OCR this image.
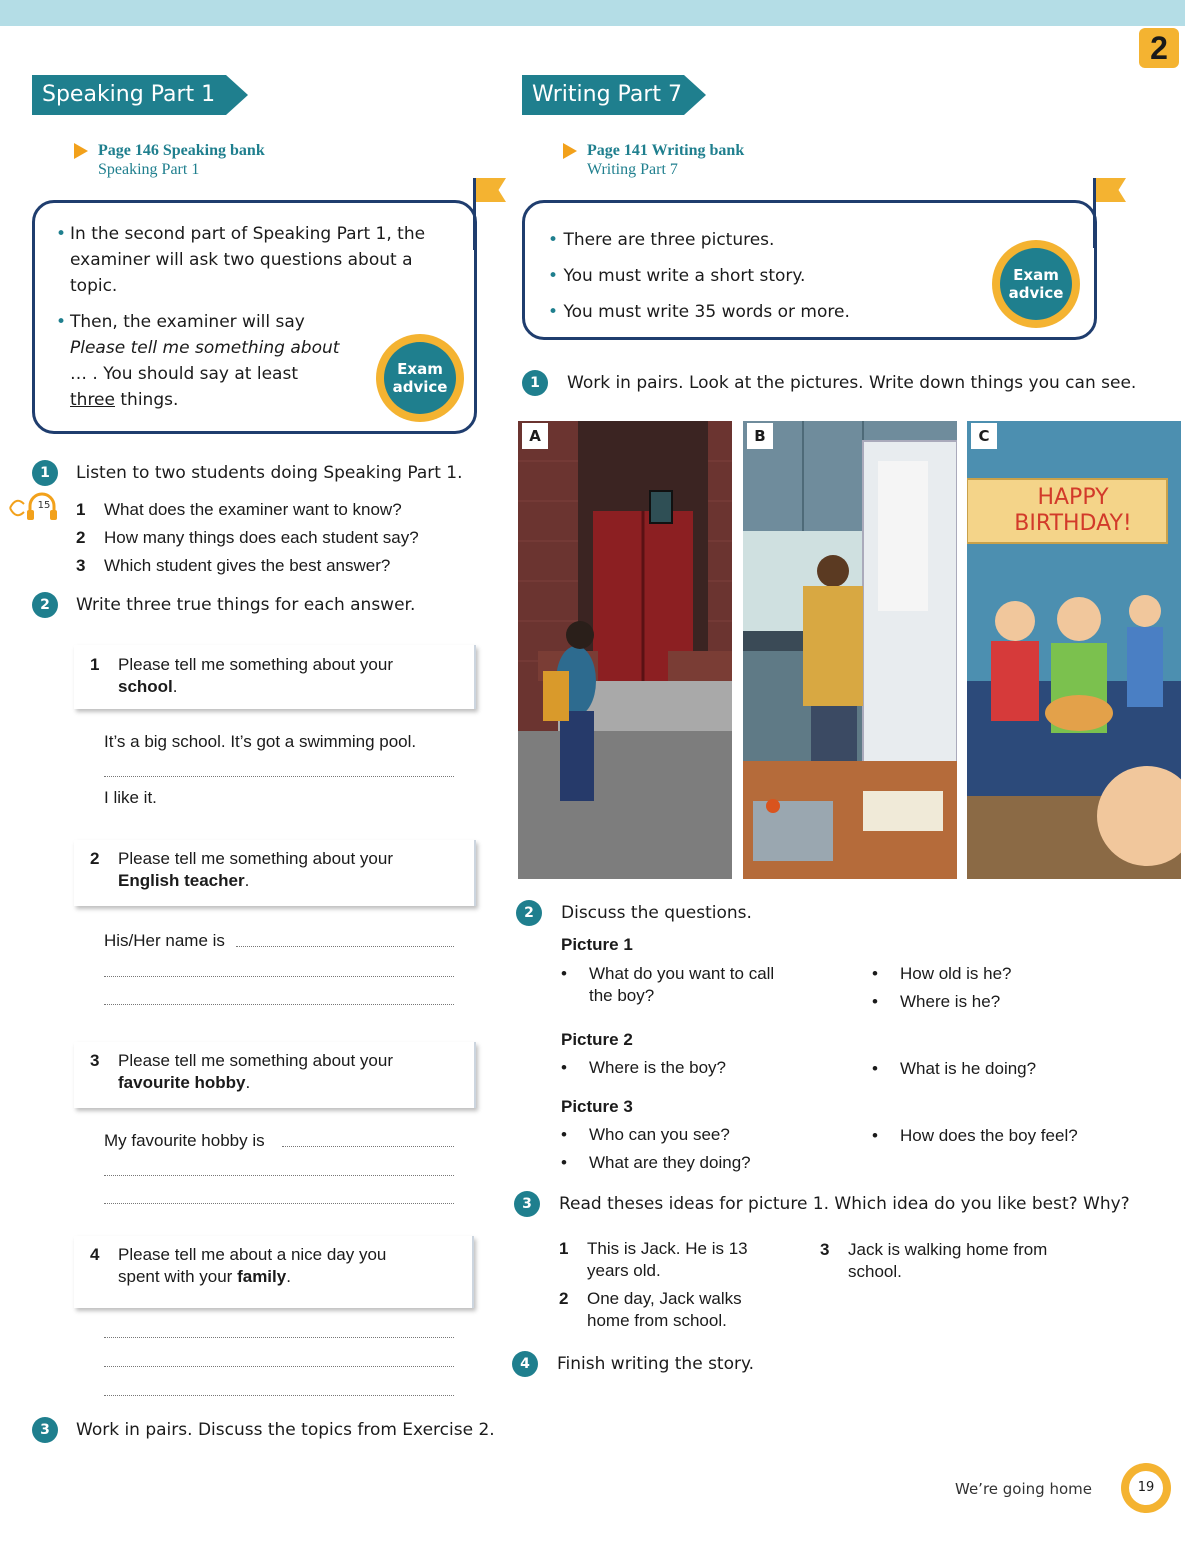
2
Speaking Part 1
Page 146 Speaking bank
Speaking Part 1
• In the second part of Speaking Part 1, the examiner will ask two questions about a topic.
• Then, the examiner will say
Please tell me something about
… . You should say at least
three things.
Exam advice
1
15
Listen to two students doing Speaking Part 1.
1 What does the examiner want to know?
2 How many things does each student say?
3 Which student gives the best answer?
2	Write three true things for each answer.
1	Please tell me something about your
school.
It’s a big school. It’s got a swimming pool.
I like it.
2	Please tell me something about your
English teacher.
His/Her name is
3	Please tell me something about your
favourite hobby.
My favourite hobby is
4	Please tell me about a nice day you spent with your family.
3	Work in pairs. Discuss the topics from Exercise 2.
Writing Part 7
Page 141 Writing bank
Writing Part 7
• There are three pictures.
• You must write a short story.
• You must write 35 words or more.
Exam advice
1	Work in pairs. Look at the pictures. Write down things you can see.
A	B
HAPPY
BIRTHDAY!
C
2	Discuss the questions.
Picture 1
•	What do you want to call the boy?
• How old is he?
• Where is he?
Picture 2
• Where is the boy?	• What is he doing?
Picture 3
• Who can you see?
• What are they doing?
• How does the boy feel?
3	Read theses ideas for picture 1. Which idea do you like best? Why?
1	This is Jack. He is 13 years old.
2	One day, Jack walks home from school.
3	Jack is walking home from school.
4	Finish writing the story.
We’re going home	19
